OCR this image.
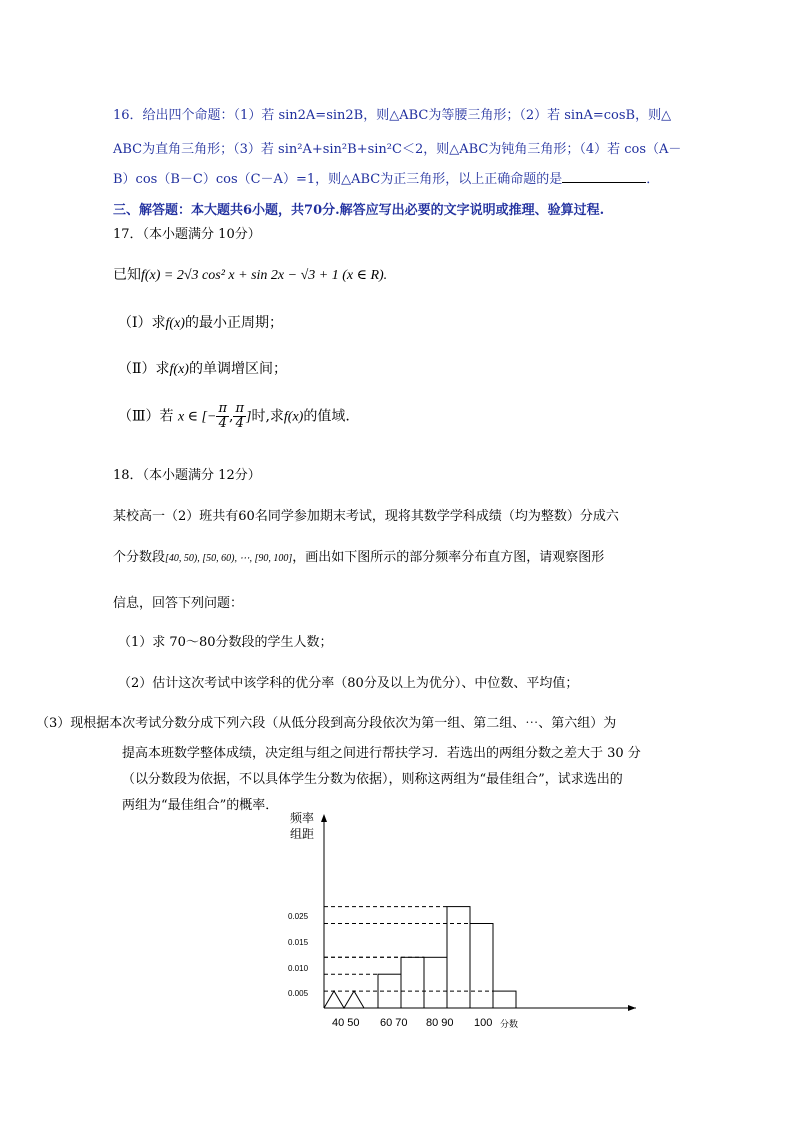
16．给出四个命题：（1）若 sin2A=sin2B，则△ABC为等腰三角形；（2）若 sinA=cosB，则△
ABC为直角三角形；（3）若 sin²A+sin²B+sin²C＜2，则△ABC为钝角三角形；（4）若 cos（A－
B）cos（B－C）cos（C－A）=1，则△ABC为正三角形，以上正确命题的是	．
三、解答题：本大题共6小题，共70分.解答应写出必要的文字说明或推理、验算过程.
17．（本小题满分 10分）
已知f(x) = 2√3 cos² x + sin 2x − √3 + 1 (x ∈ R).
（Ⅰ）求f(x)的最小正周期；
（Ⅱ）求f(x)的单调增区间；
（Ⅲ）若 x ∈ [− $\frac{\pi}{4}$ , $\frac{\pi}{4}$ ]时,求f(x)的值域.
18．（本小题满分 12分）
某校高一（2）班共有60名同学参加期末考试，现将其数学学科成绩（均为整数）分成六
个分数段[40, 50), [50, 60), ⋯, [90, 100]，画出如下图所示的部分频率分布直方图，请观察图形
信息，回答下列问题：
（1）求 70～80分数段的学生人数；
（2）估计这次考试中该学科的优分率（80分及以上为优分）、中位数、平均值；
（3）现根据本次考试分数分成下列六段（从低分段到高分段依次为第一组、第二组、⋯、第六组）为
提高本班数学整体成绩，决定组与组之间进行帮扶学习．若选出的两组分数之差大于 30 分
（以分数段为依据，不以具体学生分数为依据），则称这两组为“最佳组合”，试求选出的
两组为“最佳组合”的概率．
0.025
0.015
0.010
0.005
频率
组距
40 50 60 70 80 90 100 分数
